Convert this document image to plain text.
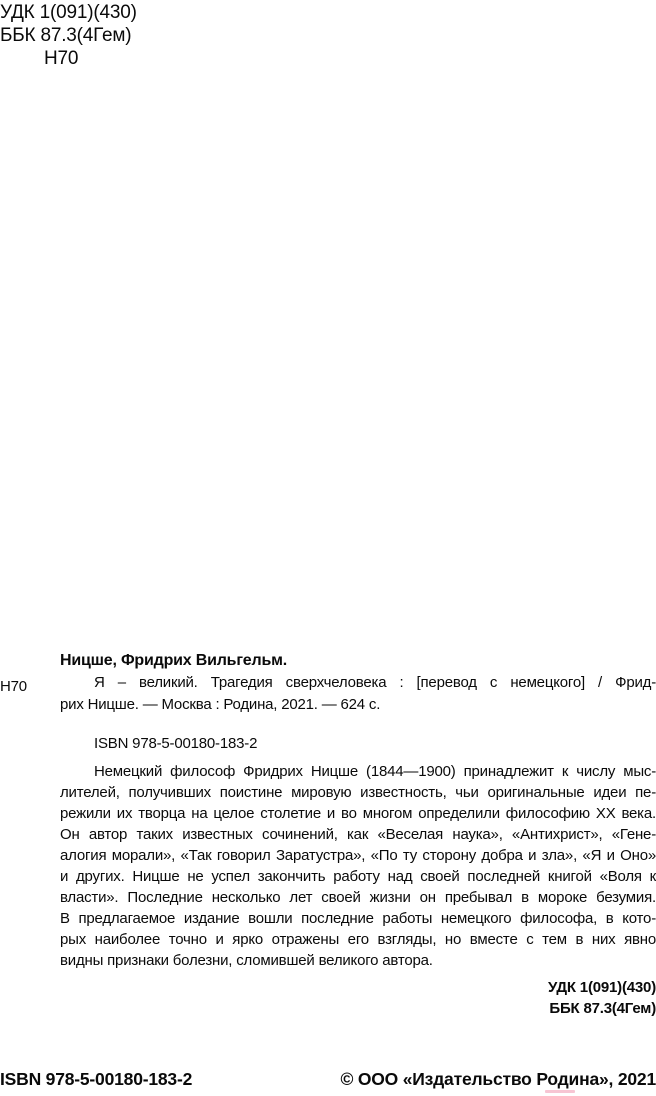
УДК 1(091)(430)
ББК 87.3(4Гем)
Н70
Н70
Ницше, Фридрих Вильгельм.
Я – великий. Трагедия сверхчеловека : [перевод с немецкого] / Фрид-
рих Ницше. — Москва : Родина, 2021. — 624 с.
ISBN 978-5-00180-183-2
Немецкий философ Фридрих Ницше (1844—1900) принадлежит к числу мыс-
лителей, получивших поистине мировую известность, чьи оригинальные идеи пе-
режили их творца на целое столетие и во многом определили философию XX века.
Он автор таких известных сочинений, как «Веселая наука», «Антихрист», «Гене-
алогия морали», «Так говорил Заратустра», «По ту сторону добра и зла», «Я и Оно»
и других. Ницше не успел закончить работу над своей последней книгой «Воля к
власти». Последние несколько лет своей жизни он пребывал в мороке безумия.
В предлагаемое издание вошли последние работы немецкого философа, в кото-
рых наиболее точно и ярко отражены его взгляды, но вместе с тем в них явно
видны признаки болезни, сломившей великого автора.
УДК 1(091)(430)
ББК 87.3(4Гем)
ISBN 978-5-00180-183-2	© ООО «Издательство Родина», 2021
